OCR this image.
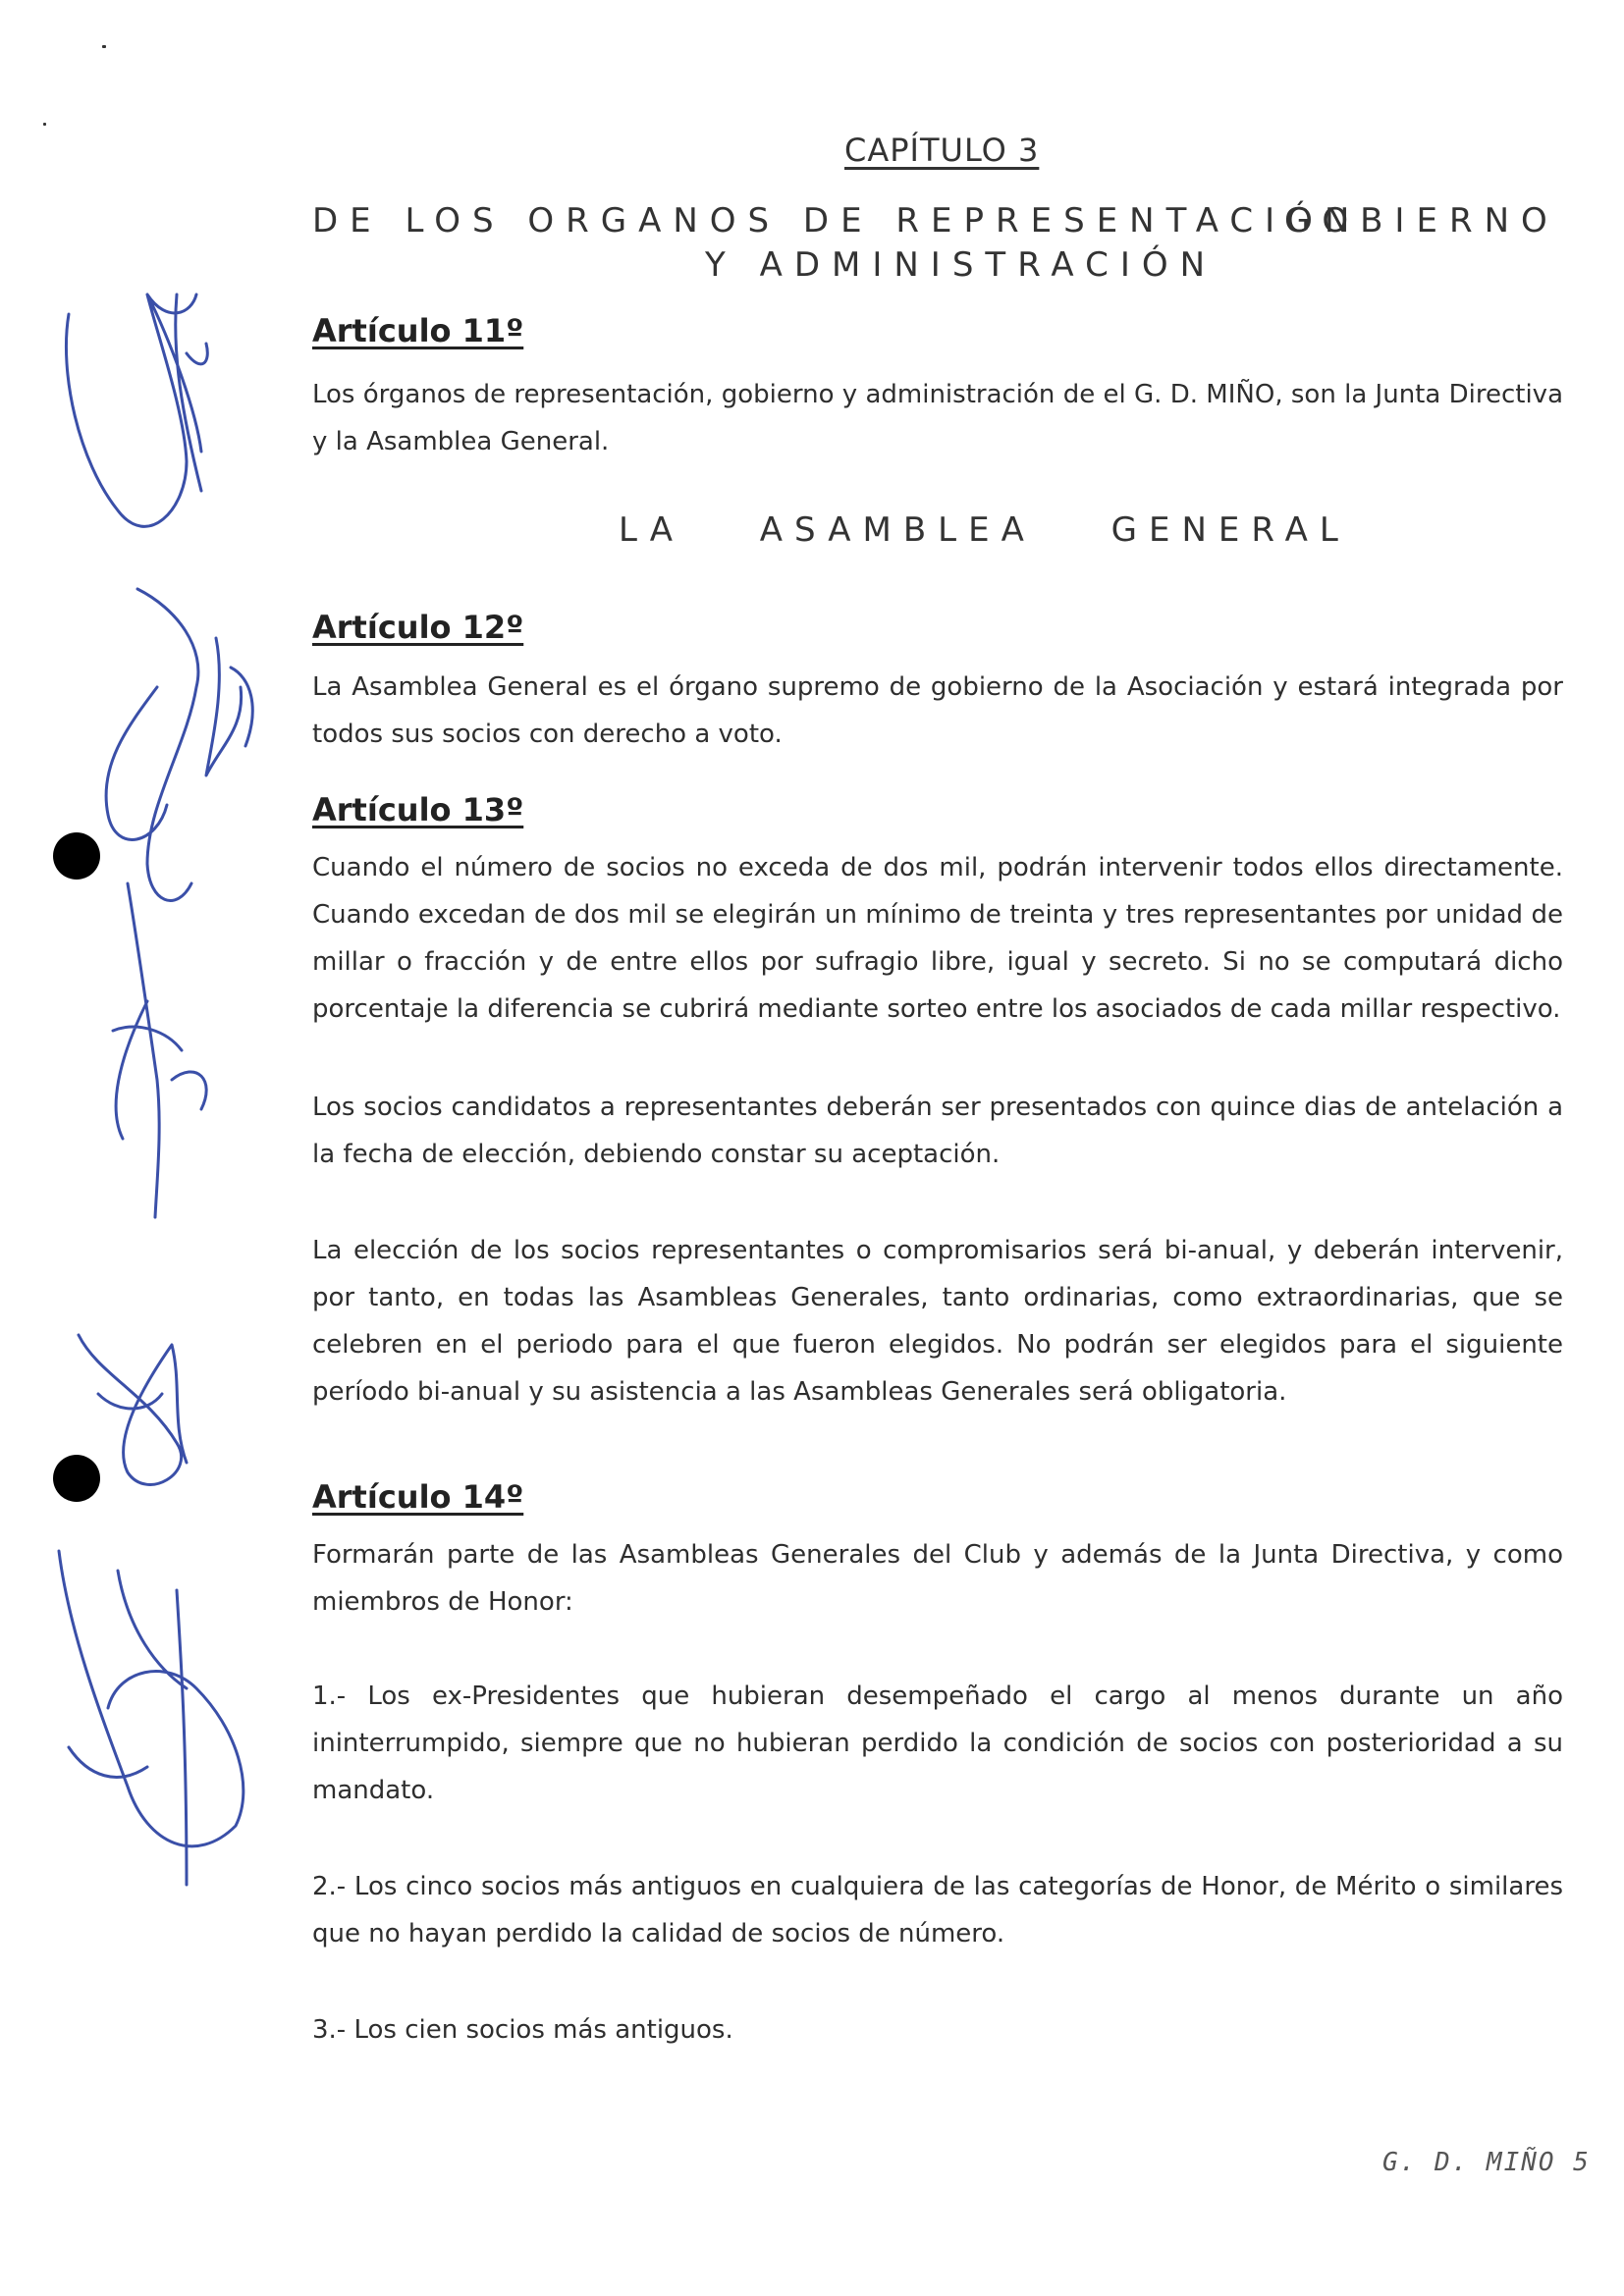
CAPÍTULO 3
DE LOS ORGANOS DE REPRESENTACIÓN
GOBIERNO
Y ADMINISTRACIÓN
Artículo 11º
Los órganos de representación, gobierno y administración de el G. D. MIÑO, son la Junta Directiva y la Asamblea General.
LA ASAMBLEA GENERAL
Artículo 12º
La Asamblea General es el órgano supremo de gobierno de la Asociación y estará integrada por todos sus socios con derecho a voto.
Artículo 13º
Cuando el número de socios no exceda de dos mil, podrán intervenir todos ellos directamente. Cuando excedan de dos mil se elegirán un mínimo de treinta y tres representantes por unidad de millar o fracción y de entre ellos por sufragio libre, igual y secreto. Si no se computará dicho porcentaje la diferencia se cubrirá mediante sorteo entre los asociados de cada millar respectivo.
Los socios candidatos a representantes deberán ser presentados con quince dias de antelación a la fecha de elección, debiendo constar su aceptación.
La elección de los socios representantes o compromisarios será bi-anual, y deberán intervenir, por tanto, en todas las Asambleas Generales, tanto ordinarias, como extraordinarias, que se celebren en el periodo para el que fueron elegidos. No podrán ser elegidos para el siguiente período bi-anual y su asistencia a las Asambleas Generales será obligatoria.
Artículo 14º
Formarán parte de las Asambleas Generales del Club y además de la Junta Directiva, y como miembros de Honor:
1.- Los ex-Presidentes que hubieran desempeñado el cargo al menos durante un año ininterrumpido, siempre que no hubieran perdido la condición de socios con posterioridad a su mandato.
2.- Los cinco socios más antiguos en cualquiera de las categorías de Honor, de Mérito o similares que no hayan perdido la calidad de socios de número.
3.- Los cien socios más antiguos.
G. D. MIÑO 5
